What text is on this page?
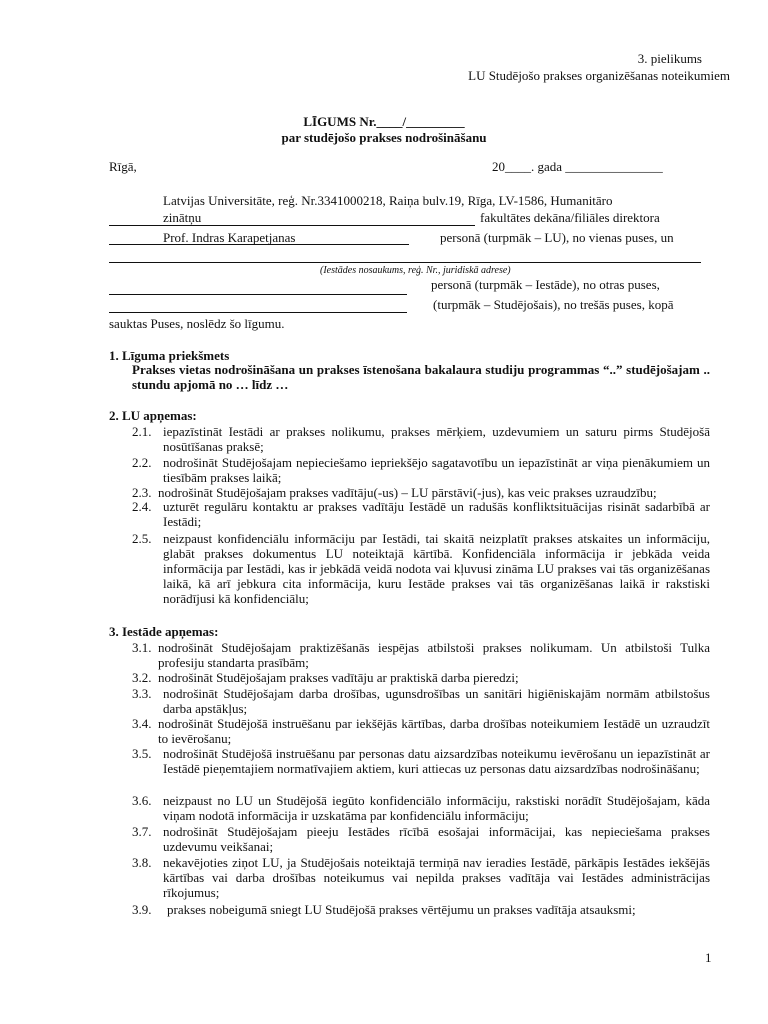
3. pielikums
LU Studējošo prakses organizēšanas noteikumiem
LĪGUMS Nr.____/_________
par studējošo prakses nodrošināšanu
Rīgā,	20____. gada _______________
Latvijas Universitāte, reģ. Nr.3341000218, Raiņa bulv.19, Rīga, LV-1586, Humanitāro
zinātņu	fakultātes dekāna/filiāles direktora
Prof. Indras Karapetjanas	personā (turpmāk – LU), no vienas puses, un
(Iestādes nosaukums, reģ. Nr., juridiskā adrese)
personā (turpmāk – Iestāde), no otras puses,
(turpmāk – Studējošais), no trešās puses, kopā
sauktas Puses, noslēdz šo līgumu.
1. Līguma priekšmets
Prakses vietas nodrošināšana un prakses īstenošana bakalaura studiju programmas “..” studējošajam .. stundu apjomā no … līdz …
2. LU apņemas:
2.1. iepazīstināt Iestādi ar prakses nolikumu, prakses mērķiem, uzdevumiem un saturu pirms Studējošā nosūtīšanas praksē;
2.2. nodrošināt Studējošajam nepieciešamo iepriekšējo sagatavotību un iepazīstināt ar viņa pienākumiem un tiesībām prakses laikā;
2.3. nodrošināt Studējošajam prakses vadītāju(-us) – LU pārstāvi(-jus), kas veic prakses uzraudzību;
2.4. uzturēt regulāru kontaktu ar prakses vadītāju Iestādē un radušās konfliktsituācijas risināt sadarbībā ar Iestādi;
2.5. neizpaust konfidenciālu informāciju par Iestādi, tai skaitā neizplatīt prakses atskaites un informāciju, glabāt prakses dokumentus LU noteiktajā kārtībā. Konfidenciāla informācija ir jebkāda veida informācija par Iestādi, kas ir jebkādā veidā nodota vai kļuvusi zināma LU prakses vai tās organizēšanas laikā, kā arī jebkura cita informācija, kuru Iestāde prakses vai tās organizēšanas laikā ir rakstiski norādījusi kā konfidenciālu;
3. Iestāde apņemas:
3.1. nodrošināt Studējošajam praktizēšanās iespējas atbilstoši prakses nolikumam. Un atbilstoši Tulka profesiju standarta prasībām;
3.2. nodrošināt Studējošajam prakses vadītāju ar praktiskā darba pieredzi;
3.3. nodrošināt Studējošajam darba drošības, ugunsdrošības un sanitāri higiēniskajām normām atbilstošus darba apstākļus;
3.4. nodrošināt Studējošā instruēšanu par iekšējās kārtības, darba drošības noteikumiem Iestādē un uzraudzīt to ievērošanu;
3.5. nodrošināt Studējošā instruēšanu par personas datu aizsardzības noteikumu ievērošanu un iepazīstināt ar Iestādē pieņemtajiem normatīvajiem aktiem, kuri attiecas uz personas datu aizsardzības nodrošināšanu;
3.6. neizpaust no LU un Studējošā iegūto konfidenciālo informāciju, rakstiski norādīt Studējošajam, kāda viņam nodotā informācija ir uzskatāma par konfidenciālu informāciju;
3.7. nodrošināt Studējošajam pieeju Iestādes rīcībā esošajai informācijai, kas nepieciešama prakses uzdevumu veikšanai;
3.8. nekavējoties ziņot LU, ja Studējošais noteiktajā termiņā nav ieradies Iestādē, pārkāpis Iestādes iekšējās kārtības vai darba drošības noteikumus vai nepilda prakses vadītāja vai Iestādes administrācijas rīkojumus;
3.9. prakses nobeigumā sniegt LU Studējošā prakses vērtējumu un prakses vadītāja atsauksmi;
1
